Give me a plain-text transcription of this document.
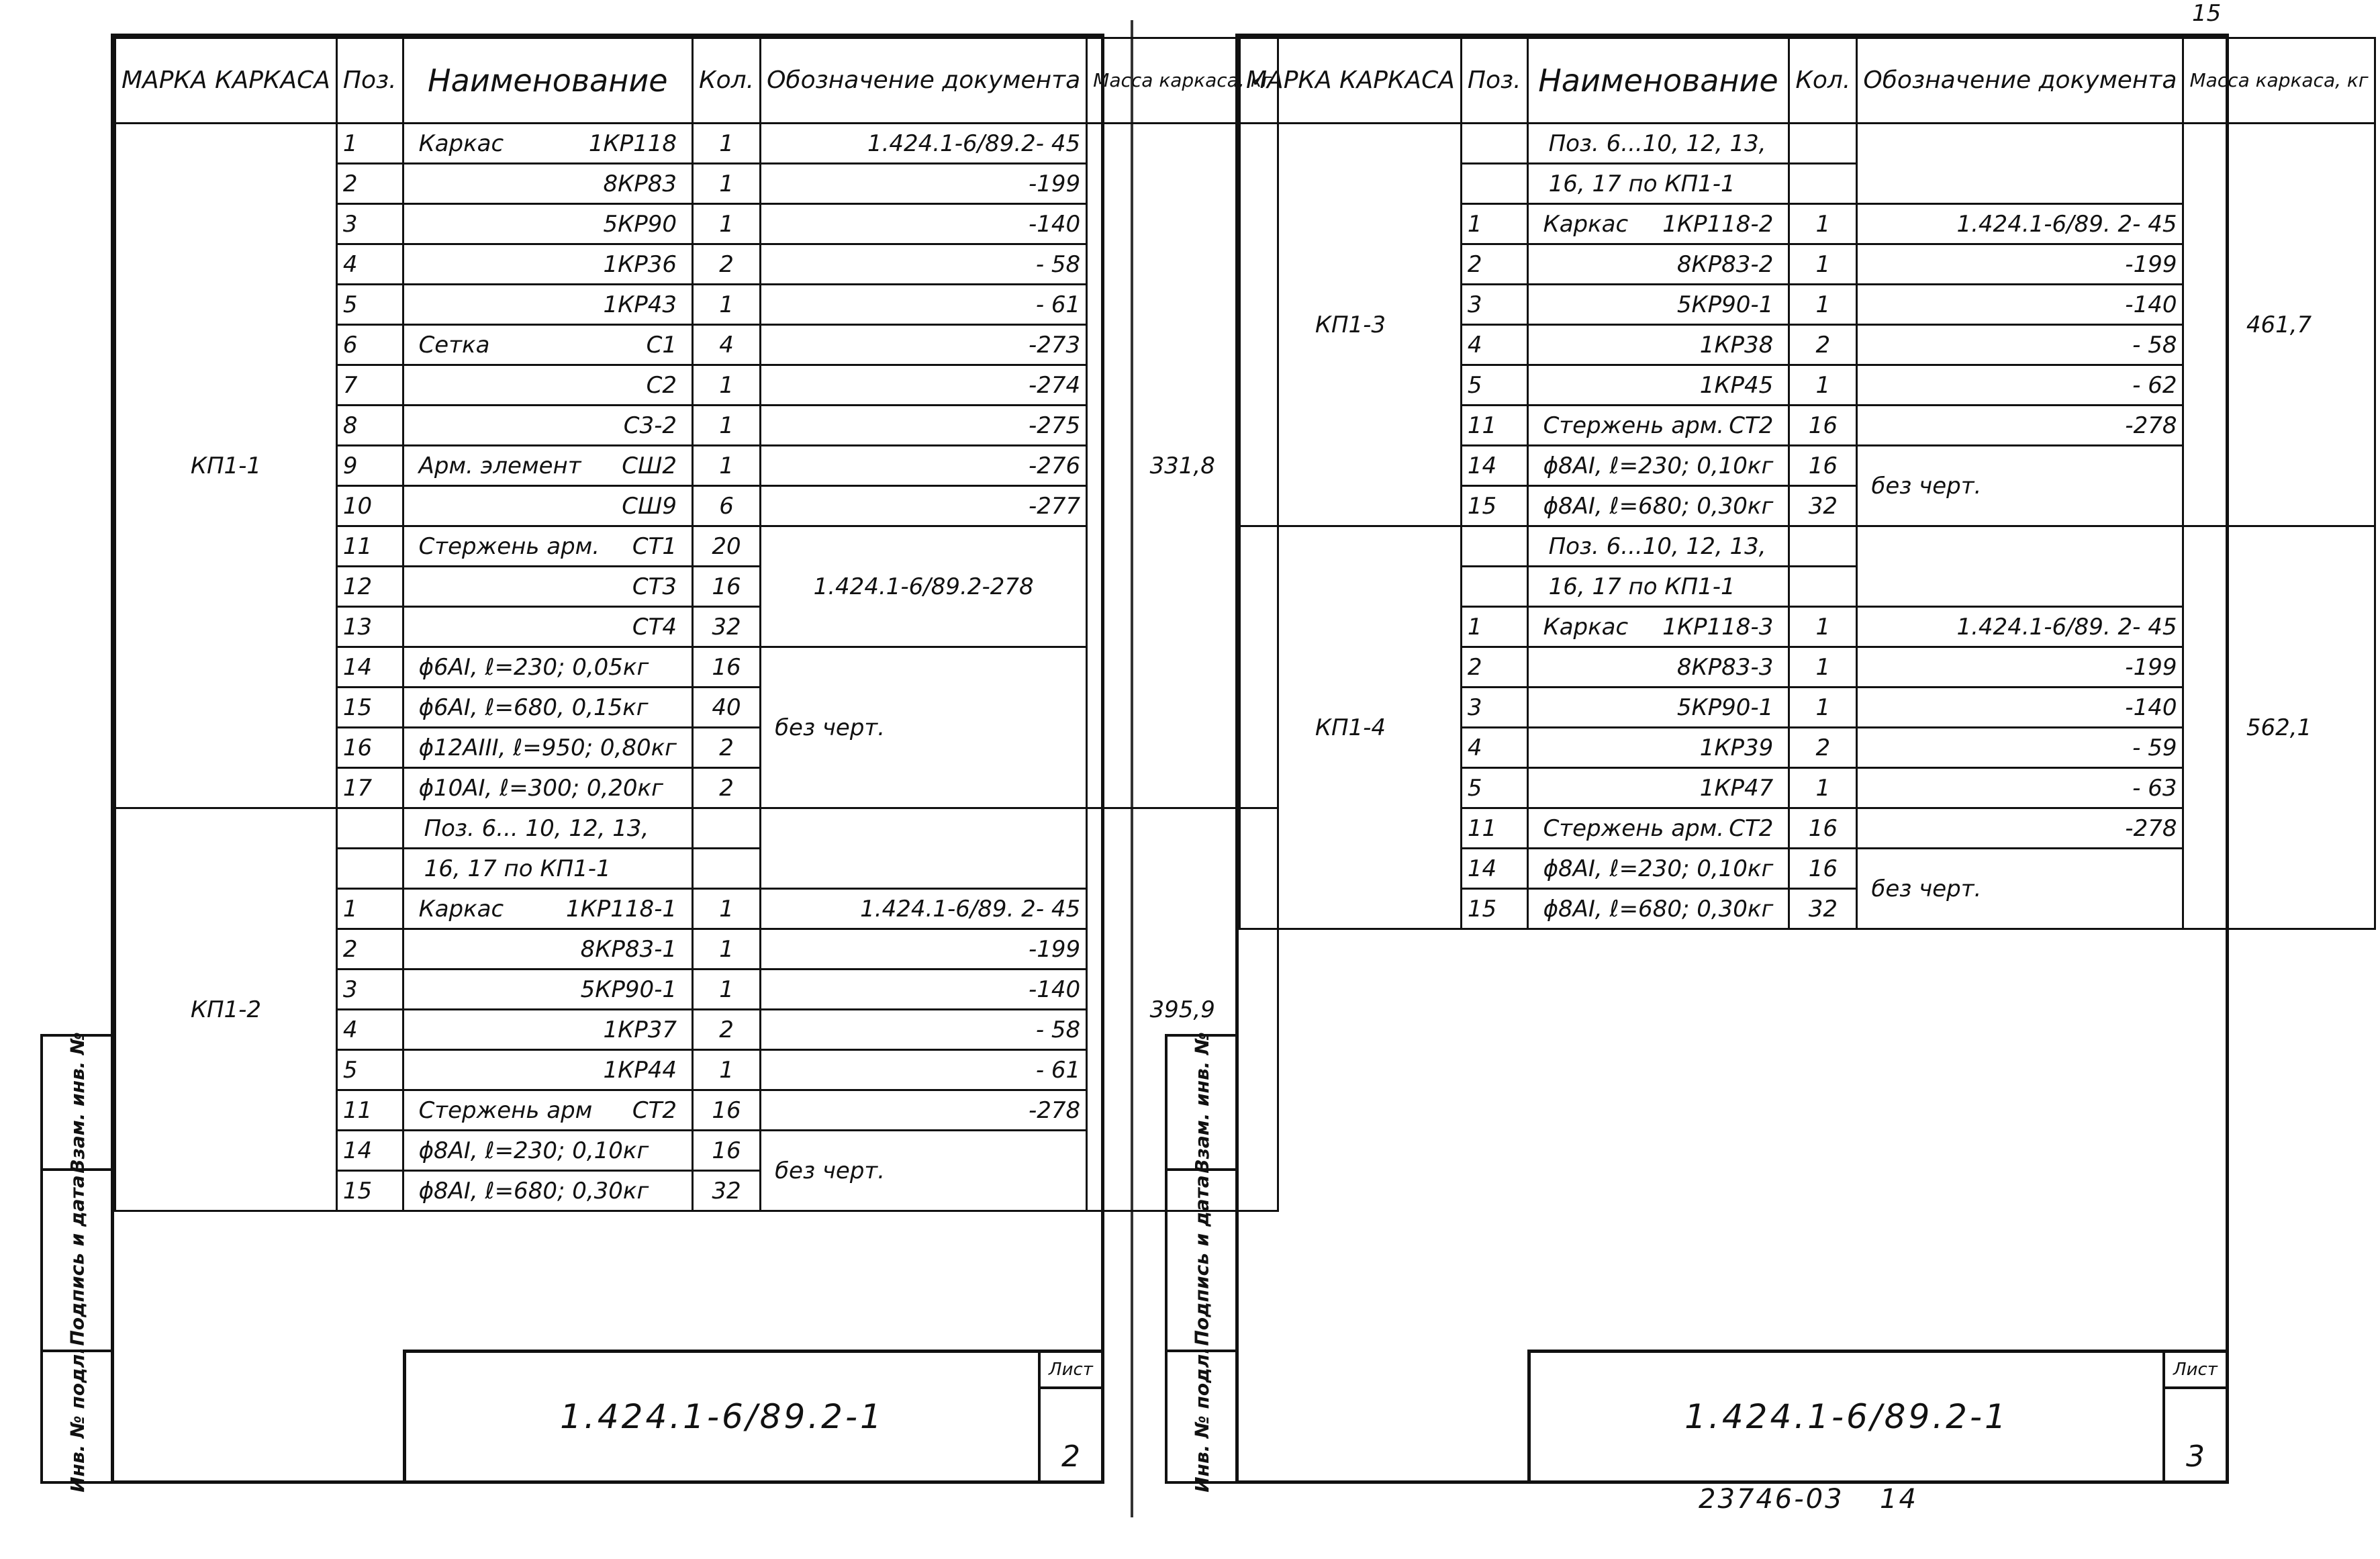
15
МАРКА КАРКАСА	Поз.	Наименование	Кол.	Обозначение документа	Масса каркаса, кг
КП1-1	1	Каркас 1КР118	1	1.424.1-6/89.2- 45	331,8
	2	8КР83	1	-199	
	3	5КР90	1	-140	
	4	1КР36	2	- 58	
	5	1КР43	1	- 61	
	6	Сетка С1	4	-273	
	7	С2	1	-274	
	8	С3-2	1	-275	
	9	Арм. элемент СШ2	1	-276	
	10	СШ9	6	-277	
	11	Стержень арм. СТ1	20	1.424.1-6/89.2-278	
	12	СТ3	16		
	13	СТ4	32		
	14	ϕ6АI, ℓ=230; 0,05кг	16	без черт.	
	15	ϕ6АI, ℓ=680, 0,15кг	40		
	16	ϕ12АIII, ℓ=950; 0,80кг	2		
	17	ϕ10АI, ℓ=300; 0,20кг	2		
КП1-2		Поз. 6... 10, 12, 13,			395,9
		16, 17 по КП1-1			
	1	Каркас 1КР118-1	1	1.424.1-6/89. 2- 45	
	2	8КР83-1	1	-199	
	3	5КР90-1	1	-140	
	4	1КР37	2	- 58	
	5	1КР44	1	- 61	
	11	Стержень арм СТ2	16	-278	
	14	ϕ8АI, ℓ=230; 0,10кг	16	без черт.	
	15	ϕ8АI, ℓ=680; 0,30кг	32		
1.424.1-6/89.2-1
Лист
2
Взам. инв. №
Подпись и дата
Инв. № подл.
МАРКА КАРКАСА	Поз.	Наименование	Кол.	Обозначение документа	Масса каркаса, кг
КП1-3		Поз. 6...10, 12, 13,			461,7
		16, 17 по КП1-1			
	1	Каркас 1КР118-2	1	1.424.1-6/89. 2- 45	
	2	8КР83-2	1	-199	
	3	5КР90-1	1	-140	
	4	1КР38	2	- 58	
	5	1КР45	1	- 62	
	11	Стержень арм. СТ2	16	-278	
	14	ϕ8АI, ℓ=230; 0,10кг	16	без черт.	
	15	ϕ8АI, ℓ=680; 0,30кг	32		
КП1-4		Поз. 6...10, 12, 13,			562,1
		16, 17 по КП1-1			
	1	Каркас 1КР118-3	1	1.424.1-6/89. 2- 45	
	2	8КР83-3	1	-199	
	3	5КР90-1	1	-140	
	4	1КР39	2	- 59	
	5	1КР47	1	- 63	
	11	Стержень арм. СТ2	16	-278	
	14	ϕ8АI, ℓ=230; 0,10кг	16	без черт.	
	15	ϕ8АI, ℓ=680; 0,30кг	32		
1.424.1-6/89.2-1
Лист
3
Взам. инв. №
Подпись и дата
Инв. № подл.
23746-03 14
